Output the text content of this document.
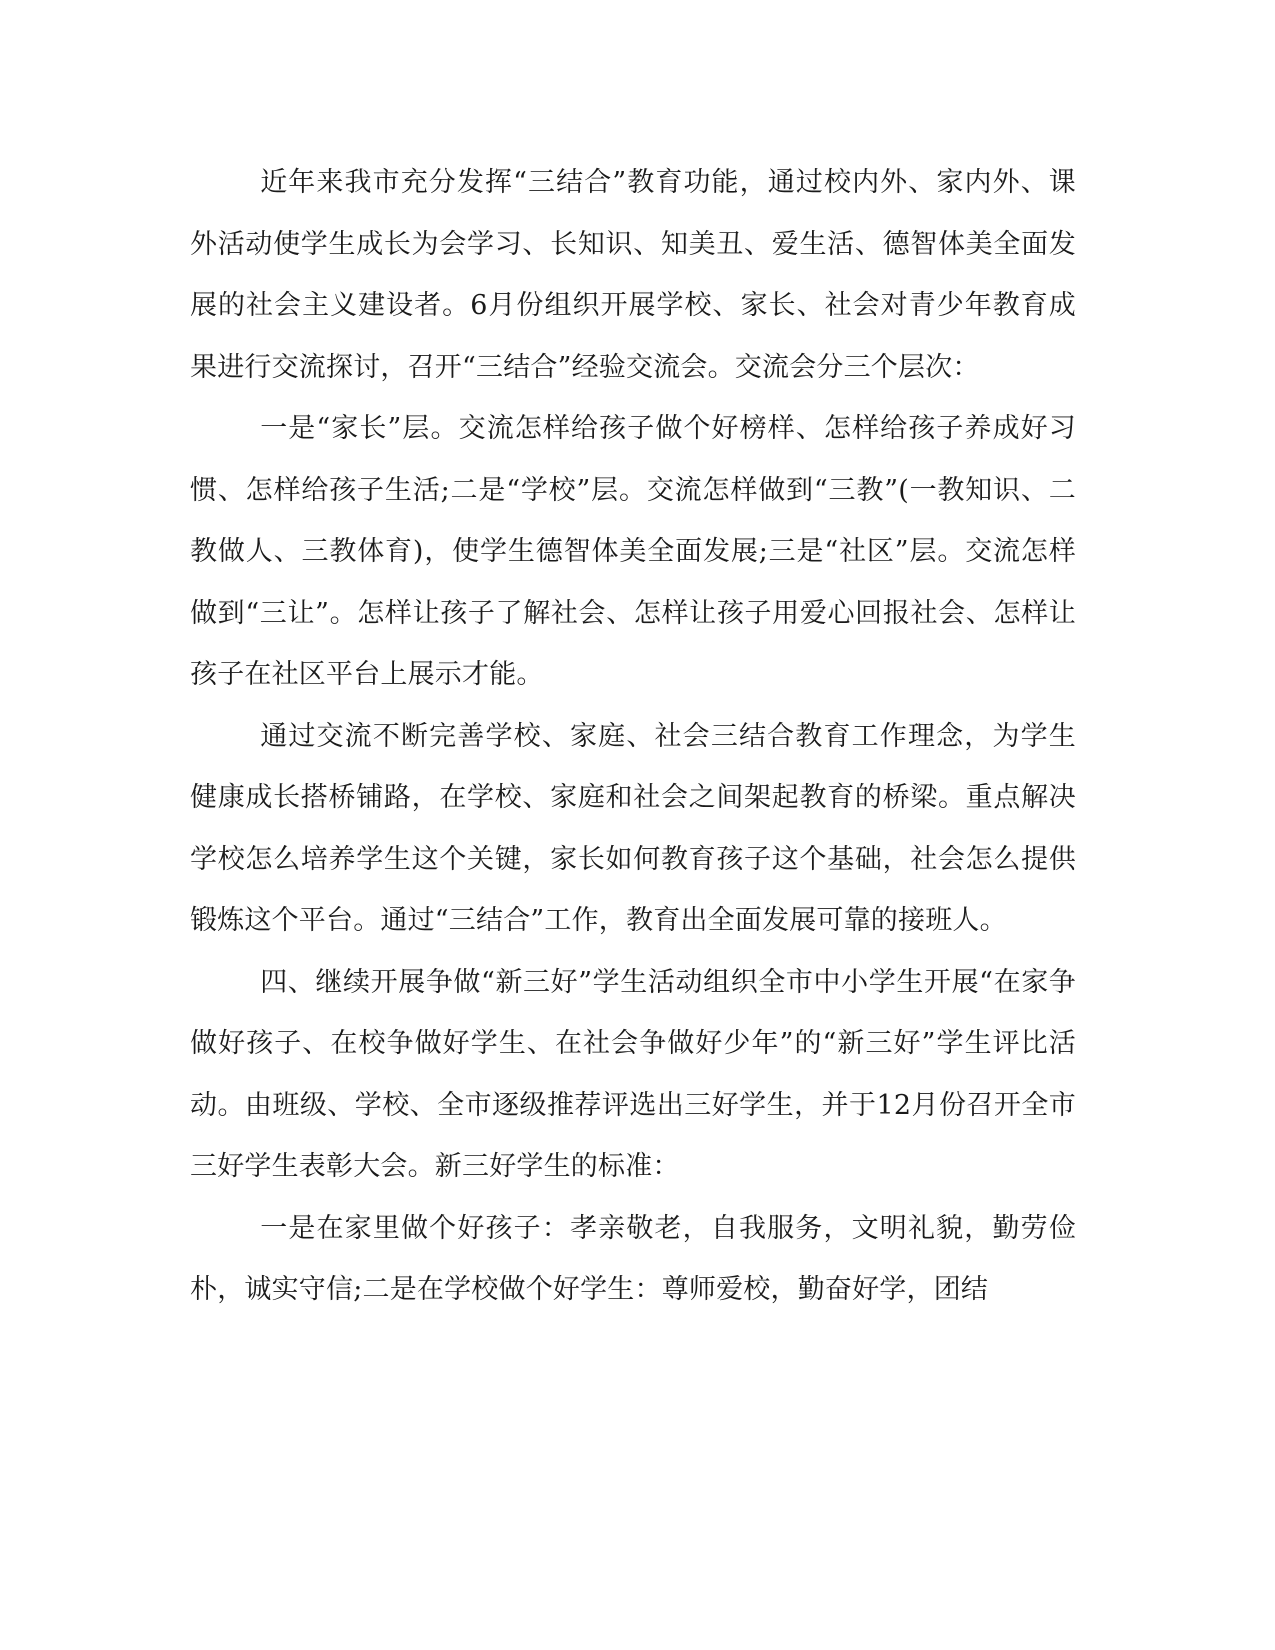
近年来我市充分发挥“三结合”教育功能，通过校内外、家内外、课外活动使学生成长为会学习、长知识、知美丑、爱生活、德智体美全面发展的社会主义建设者。6月份组织开展学校、家长、社会对青少年教育成果进行交流探讨，召开“三结合”经验交流会。交流会分三个层次：

一是“家长”层。交流怎样给孩子做个好榜样、怎样给孩子养成好习惯、怎样给孩子生活;二是“学校”层。交流怎样做到“三教”(一教知识、二教做人、三教体育)，使学生德智体美全面发展;三是“社区”层。交流怎样做到“三让”。怎样让孩子了解社会、怎样让孩子用爱心回报社会、怎样让孩子在社区平台上展示才能。

通过交流不断完善学校、家庭、社会三结合教育工作理念，为学生健康成长搭桥铺路，在学校、家庭和社会之间架起教育的桥梁。重点解决学校怎么培养学生这个关键，家长如何教育孩子这个基础，社会怎么提供锻炼这个平台。通过“三结合”工作，教育出全面发展可靠的接班人。

四、继续开展争做“新三好”学生活动组织全市中小学生开展“在家争做好孩子、在校争做好学生、在社会争做好少年”的“新三好”学生评比活动。由班级、学校、全市逐级推荐评选出三好学生，并于12月份召开全市三好学生表彰大会。新三好学生的标准：

一是在家里做个好孩子：孝亲敬老，自我服务，文明礼貌，勤劳俭朴，诚实守信;二是在学校做个好学生：尊师爱校，勤奋好学，团结
